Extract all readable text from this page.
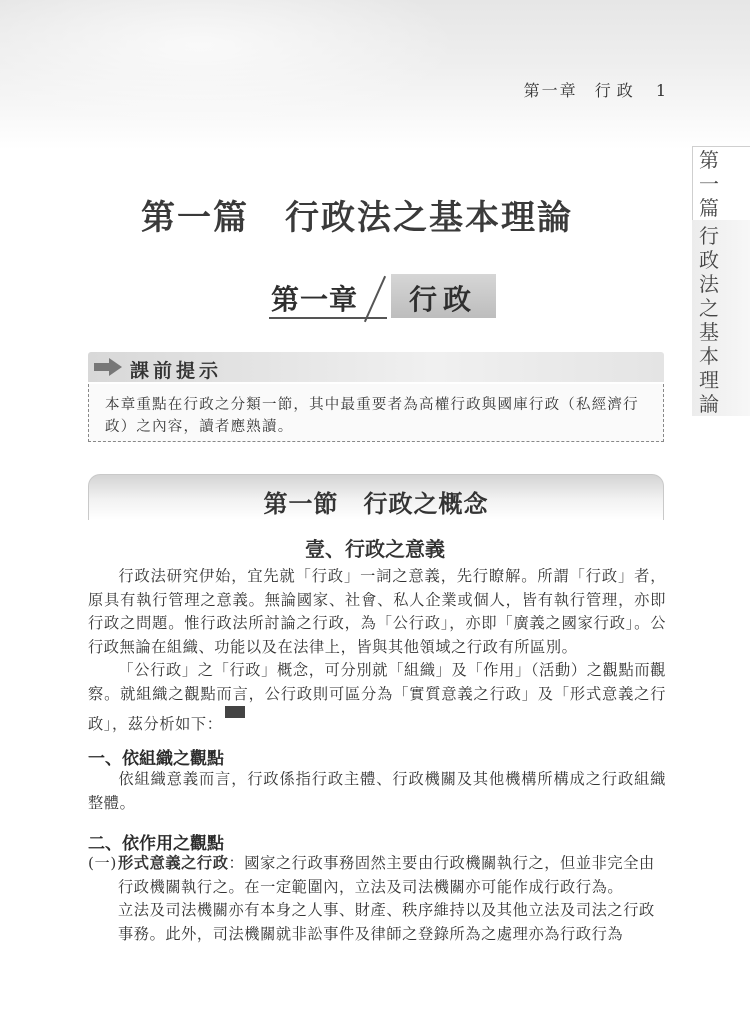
第一章 行政 1
第
一
篇
行
政
法
之
基
本
理
論
第一篇　行政法之基本理論
第一章 行政
課前提示
本章重點在行政之分類一節，其中最重要者為高權行政與國庫行政（私經濟行政）之內容，讀者應熟讀。
第一節　行政之概念
壹、行政之意義

行政法研究伊始，宜先就「行政」一詞之意義，先行瞭解。所謂「行政」者，原具有執行管理之意義。無論國家、社會、私人企業或個人，皆有執行管理，亦即行政之問題。惟行政法所討論之行政，為「公行政」，亦即「廣義之國家行政」。公行政無論在組織、功能以及在法律上，皆與其他領域之行政有所區別。

「公行政」之「行政」概念，可分別就「組織」及「作用」（活動）之觀點而觀察。就組織之觀點而言，公行政則可區分為「實質意義之行政」及「形式意義之行政」，茲分析如下：註一

一、依組織之觀點

依組織意義而言，行政係指行政主體、行政機關及其他機構所構成之行政組織整體。

二、依作用之觀點
(一) 形式意義之行政：國家之行政事務固然主要由行政機關執行之，但並非完全由行政機關執行之。在一定範圍內，立法及司法機關亦可能作成行政行為。
立法及司法機關亦有本身之人事、財產、秩序維持以及其他立法及司法之行政事務。此外，司法機關就非訟事件及律師之登錄所為之處理亦為行政行為
